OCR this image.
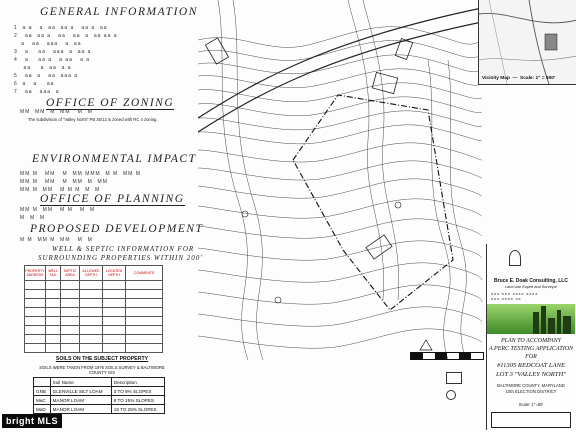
GENERAL INFORMATION
1  a a   a  aa  aa a   aa a  aa
2   aa  aa a   aa   aa  a  aa aa a
a   aa   aaa   a  aa
3   a    aa   aaa  a  aa a
4   a    aa a   a aa   a a
aa    a  aa  a a
5   aa  a   aa  aaa a
6  a   a    aa
7   aa   aaa  a
OFFICE OF ZONING
MM  MM  M  MM   M  M
The subdivision of "Valley North" PB 35/12 is zoned with RC 4 zoning.
ENVIRONMENTAL IMPACT
MM M   MM   M  MM MMM  M M  MM M
MM M   MM   M  MM  M  MM
MM M  MM   M M M  M  M
OFFICE OF PLANNING
MM M  MM   M M   M  M
M  M  M
PROPOSED DEVELOPMENT
M M  MM M  MM   M  M
WELL & SEPTIC INFORMATION FOR
SURROUNDING PROPERTIES WITHIN 200'
PROPERTY ADDRESS	WELL TAG	SEPTIC AREA	ALLOWED DEPTH	LOCATED DEPTH	COMMENTS

SOILS ON THE SUBJECT PROPERTY
SOILS WERE TAKEN FROM 1976 SOILS SURVEY & BALTIMORE
COUNTY GIS
	Soil Name	Description
GNB	GLENVILLE SILT LOAM	3 TO 8% SLOPES
MaC	MANOR LOAM	8 TO 15% SLOPES
MaD	MANOR LOAM	15 TO 25% SLOPES
Vicinity Map  —  Scale: 1" = 500'
Bruce E. Doak Consulting, LLC
Land Use Expert and Surveyor
aaa aaa aaaa aaaa
aaa aaaa aa
PLAN TO ACCOMPANY
A PERC TESTING APPLICATION
FOR
#11305 REDCOAT LANE
LOT 3 "VALLEY NORTH"
BALTIMORE COUNTY, MARYLAND
10th ELECTION DISTRICT
Scale: 1"=60'
bright MLS
